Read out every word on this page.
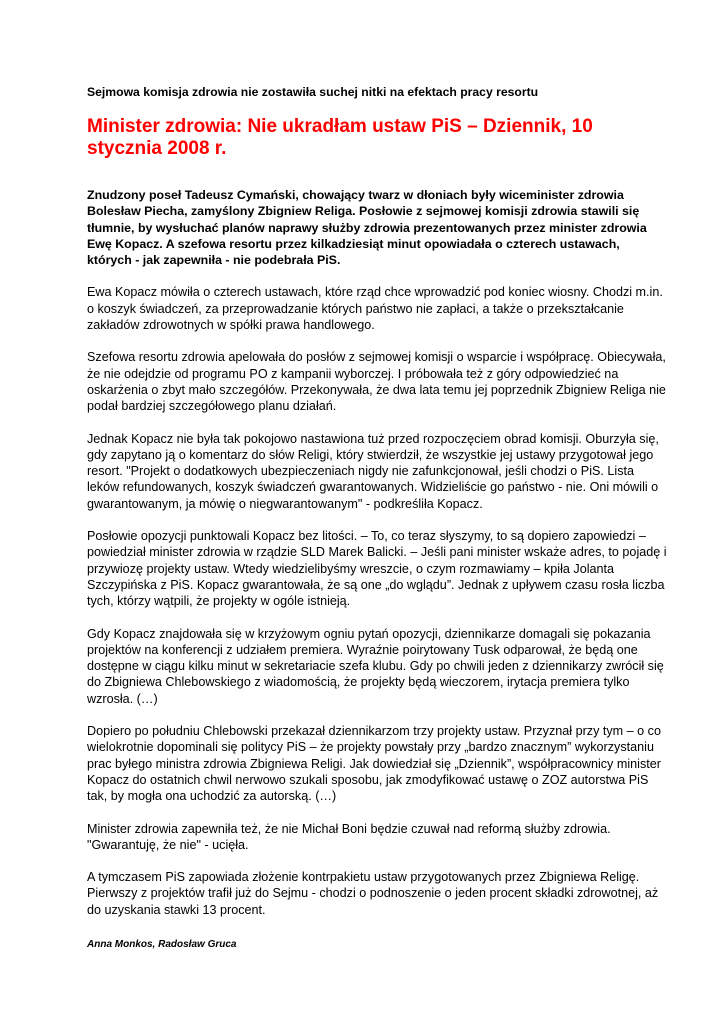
Sejmowa komisja zdrowia nie zostawiła suchej nitki na efektach pracy resortu

Minister zdrowia: Nie ukradłam ustaw PiS – Dziennik, 10 stycznia 2008 r.

Znudzony poseł Tadeusz Cymański, chowający twarz w dłoniach były wiceminister zdrowia Bolesław Piecha, zamyślony Zbigniew Religa. Posłowie z sejmowej komisji zdrowia stawili się tłumnie, by wysłuchać planów naprawy służby zdrowia prezentowanych przez minister zdrowia Ewę Kopacz. A szefowa resortu przez kilkadziesiąt minut opowiadała o czterech ustawach, których - jak zapewniła - nie podebrała PiS.

Ewa Kopacz mówiła o czterech ustawach, które rząd chce wprowadzić pod koniec wiosny. Chodzi m.in. o koszyk świadczeń, za przeprowadzanie których państwo nie zapłaci, a także o przekształcanie zakładów zdrowotnych w spółki prawa handlowego.

Szefowa resortu zdrowia apelowała do posłów z sejmowej komisji o wsparcie i współpracę. Obiecywała, że nie odejdzie od programu PO z kampanii wyborczej. I próbowała też z góry odpowiedzieć na oskarżenia o zbyt mało szczegółów. Przekonywała, że dwa lata temu jej poprzednik Zbigniew Religa nie podał bardziej szczegółowego planu działań.

Jednak Kopacz nie była tak pokojowo nastawiona tuż przed rozpoczęciem obrad komisji. Oburzyła się, gdy zapytano ją o komentarz do słów Religi, który stwierdził, że wszystkie jej ustawy przygotował jego resort. "Projekt o dodatkowych ubezpieczeniach nigdy nie zafunkcjonował, jeśli chodzi o PiS. Lista leków refundowanych, koszyk świadczeń gwarantowanych. Widzieliście go państwo - nie. Oni mówili o gwarantowanym, ja mówię o niegwarantowanym" - podkreśliła Kopacz.

Posłowie opozycji punktowali Kopacz bez litości. – To, co teraz słyszymy, to są dopiero zapowiedzi – powiedział minister zdrowia w rządzie SLD Marek Balicki. – Jeśli pani minister wskaże adres, to pojadę i przywiozę projekty ustaw. Wtedy wiedzielibyśmy wreszcie, o czym rozmawiamy – kpiła Jolanta Szczypińska z PiS. Kopacz gwarantowała, że są one „do wglądu”. Jednak z upływem czasu rosła liczba tych, którzy wątpili, że projekty w ogóle istnieją.

Gdy Kopacz znajdowała się w krzyżowym ogniu pytań opozycji, dziennikarze domagali się pokazania projektów na konferencji z udziałem premiera. Wyraźnie poirytowany Tusk odparował, że będą one dostępne w ciągu kilku minut w sekretariacie szefa klubu. Gdy po chwili jeden z dziennikarzy zwrócił się do Zbigniewa Chlebowskiego z wiadomością, że projekty będą wieczorem, irytacja premiera tylko wzrosła. (…)

Dopiero po południu Chlebowski przekazał dziennikarzom trzy projekty ustaw. Przyznał przy tym – o co wielokrotnie dopominali się politycy PiS – że projekty powstały przy „bardzo znacznym” wykorzystaniu prac byłego ministra zdrowia Zbigniewa Religi. Jak dowiedział się „Dziennik”, współpracownicy minister Kopacz do ostatnich chwil nerwowo szukali sposobu, jak zmodyfikować ustawę o ZOZ autorstwa PiS tak, by mogła ona uchodzić za autorską. (…)

Minister zdrowia zapewniła też, że nie Michał Boni będzie czuwał nad reformą służby zdrowia. "Gwarantuję, że nie" - ucięła.

A tymczasem PiS zapowiada złożenie kontrpakietu ustaw przygotowanych przez Zbigniewa Religę. Pierwszy z projektów trafił już do Sejmu - chodzi o podnoszenie o jeden procent składki zdrowotnej, aż do uzyskania stawki 13 procent.

Anna Monkos, Radosław Gruca
